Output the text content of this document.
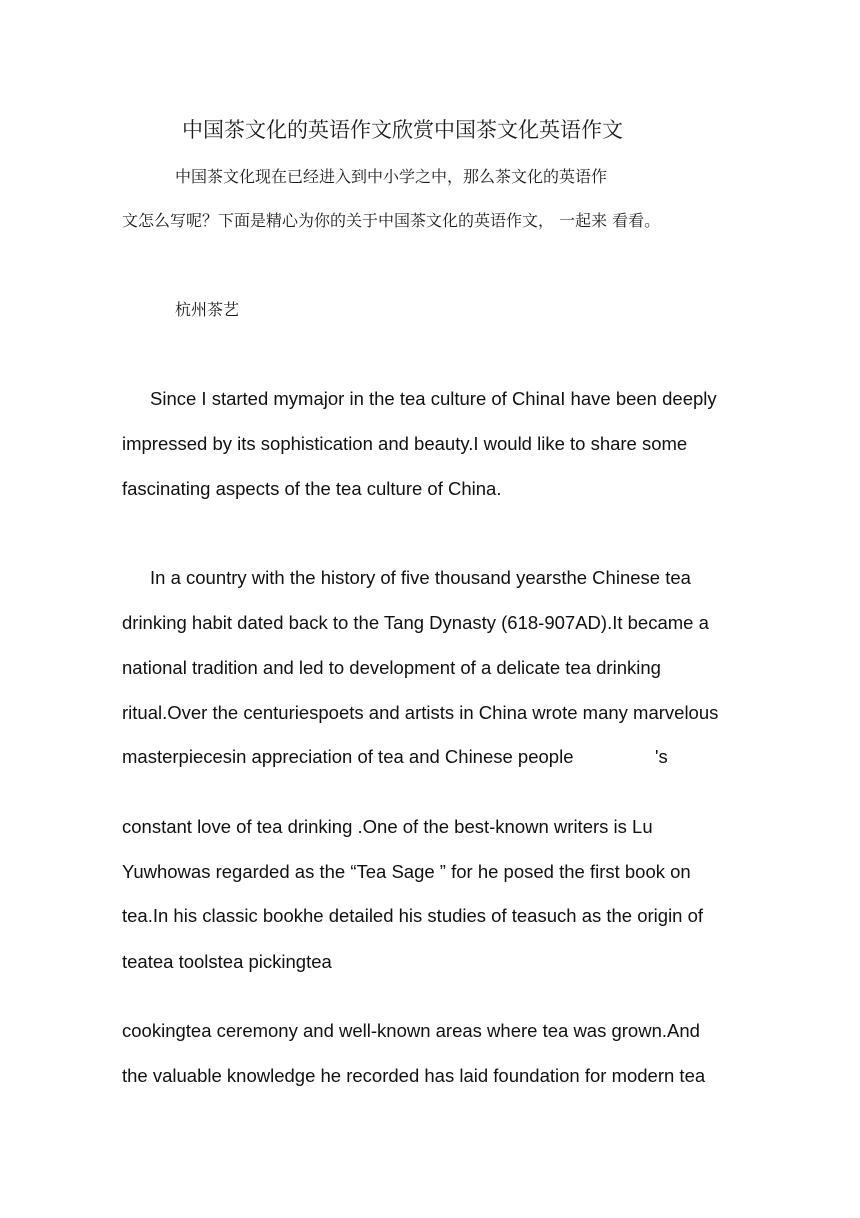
中国茶文化的英语作文欣赏中国茶文化英语作文

中国茶文化现在已经进入到中小学之中，那么茶文化的英语作

文怎么写呢？下面是精心为你的关于中国茶文化的英语作文， 一起来 看看。

杭州茶艺

Since I started mymajor in the tea culture of ChinaI have been deeply

impressed by its sophistication and beauty.I would like to share some

fascinating aspects of the tea culture of China.

In a country with the history of five thousand yearsthe Chinese tea

drinking habit dated back to the Tang Dynasty (618-907AD).It became a

national tradition and led to development of a delicate tea drinking

ritual.Over the centuriespoets and artists in China wrote many marvelous

masterpiecesin appreciation of tea and Chinese people	's

constant love of tea drinking .One of the best-known writers is Lu

Yuwhowas regarded as the “Tea Sage ” for he posed the first book on

tea.In his classic bookhe detailed his studies of teasuch as the origin of

teatea toolstea pickingtea

cookingtea ceremony and well-known areas where tea was grown.And

the valuable knowledge he recorded has laid foundation for modern tea
